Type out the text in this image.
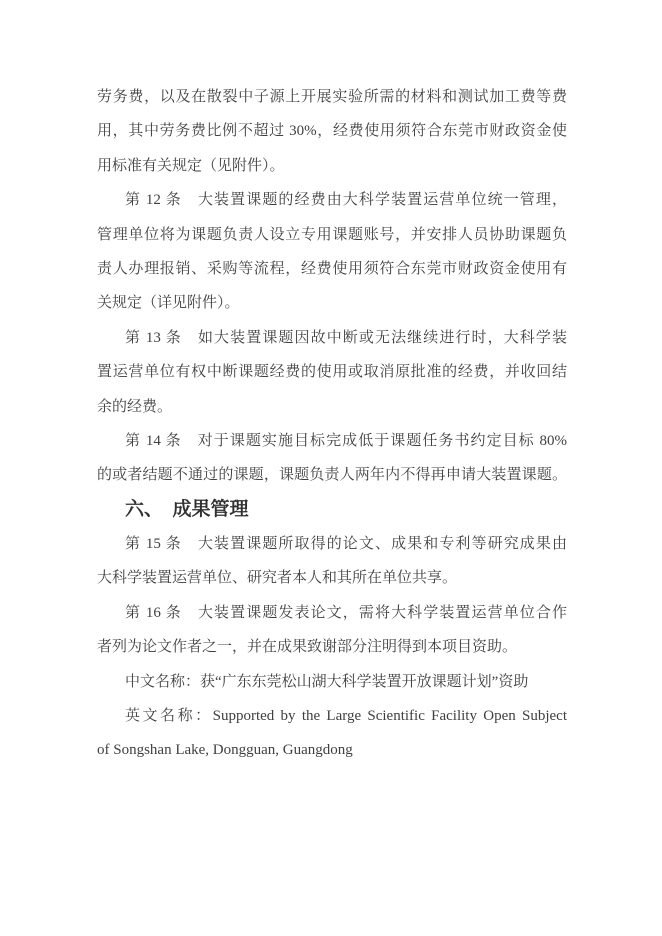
劳务费，以及在散裂中子源上开展实验所需的材料和测试加工费等费
用，其中劳务费比例不超过 30%，经费使用须符合东莞市财政资金使
用标准有关规定（见附件）。
第 12 条　大装置课题的经费由大科学装置运营单位统一管理，
管理单位将为课题负责人设立专用课题账号，并安排人员协助课题负
责人办理报销、采购等流程，经费使用须符合东莞市财政资金使用有
关规定（详见附件）。
第 13 条　如大装置课题因故中断或无法继续进行时，大科学装
置运营单位有权中断课题经费的使用或取消原批准的经费，并收回结
余的经费。
第 14 条　对于课题实施目标完成低于课题任务书约定目标 80%
的或者结题不通过的课题，课题负责人两年内不得再申请大装置课题。
六、　成果管理
第 15 条　大装置课题所取得的论文、成果和专利等研究成果由
大科学装置运营单位、研究者本人和其所在单位共享。
第 16 条　大装置课题发表论文，需将大科学装置运营单位合作
者列为论文作者之一，并在成果致谢部分注明得到本项目资助。
中文名称：获“广东东莞松山湖大科学装置开放课题计划”资助
英文名称：Supported by the Large Scientific Facility Open Subject
of Songshan Lake, Dongguan, Guangdong
